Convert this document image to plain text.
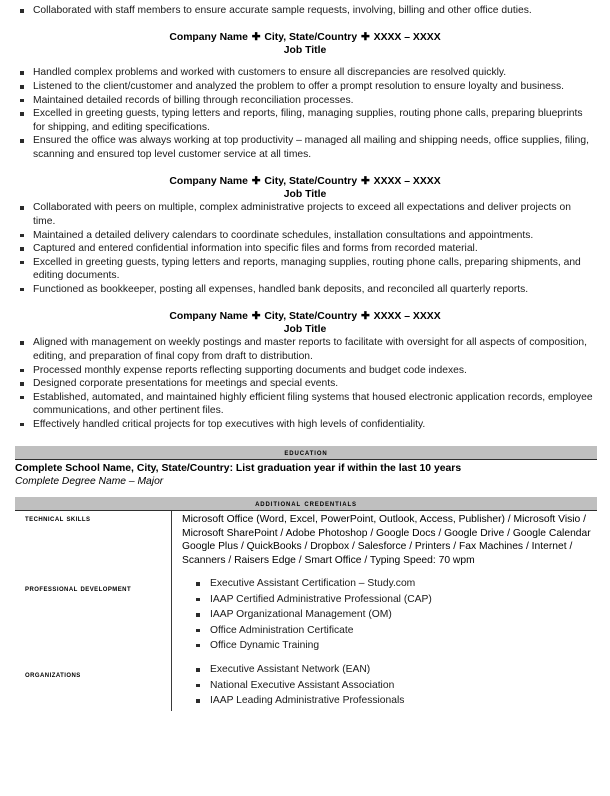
Collaborated with staff members to ensure accurate sample requests, involving, billing and other office duties.
Company Name ✚ City, State/Country ✚ XXXX – XXXX
Job Title
Handled complex problems and worked with customers to ensure all discrepancies are resolved quickly.
Listened to the client/customer and analyzed the problem to offer a prompt resolution to ensure loyalty and business.
Maintained detailed records of billing through reconciliation processes.
Excelled in greeting guests, typing letters and reports, filing, managing supplies, routing phone calls, preparing blueprints for shipping, and editing specifications.
Ensured the office was always working at top productivity – managed all mailing and shipping needs, office supplies, filing, scanning and ensured top level customer service at all times.
Company Name ✚ City, State/Country ✚ XXXX – XXXX
Job Title
Collaborated with peers on multiple, complex administrative projects to exceed all expectations and deliver projects on time.
Maintained a detailed delivery calendars to coordinate schedules, installation consultations and appointments.
Captured and entered confidential information into specific files and forms from recorded material.
Excelled in greeting guests, typing letters and reports, managing supplies, routing phone calls, preparing shipments, and editing documents.
Functioned as bookkeeper, posting all expenses, handled bank deposits, and reconciled all quarterly reports.
Company Name ✚ City, State/Country ✚ XXXX – XXXX
Job Title
Aligned with management on weekly postings and master reports to facilitate with oversight for all aspects of composition, editing, and preparation of final copy from draft to distribution.
Processed monthly expense reports reflecting supporting documents and budget code indexes.
Designed corporate presentations for meetings and special events.
Established, automated, and maintained highly efficient filing systems that housed electronic application records, employee communications, and other pertinent files.
Effectively handled critical projects for top executives with high levels of confidentiality.
education
Complete School Name, City, State/Country: List graduation year if within the last 10 years
Complete Degree Name – Major
additional credentials
technical skills	Microsoft Office (Word, Excel, PowerPoint, Outlook, Access, Publisher) / Microsoft Visio / Microsoft SharePoint / Adobe Photoshop / Google Docs / Google Drive / Google Calendar Google Plus / QuickBooks / Dropbox / Salesforce / Printers / Fax Machines / Internet / Scanners / Raisers Edge / Smart Office / Typing Speed: 70 wpm
professional development	Executive Assistant Certification – Study.com
IAAP Certified Administrative Professional (CAP)
IAAP Organizational Management (OM)
Office Administration Certificate
Office Dynamic Training

organizations	Executive Assistant Network (EAN)
National Executive Assistant Association
IAAP Leading Administrative Professionals
